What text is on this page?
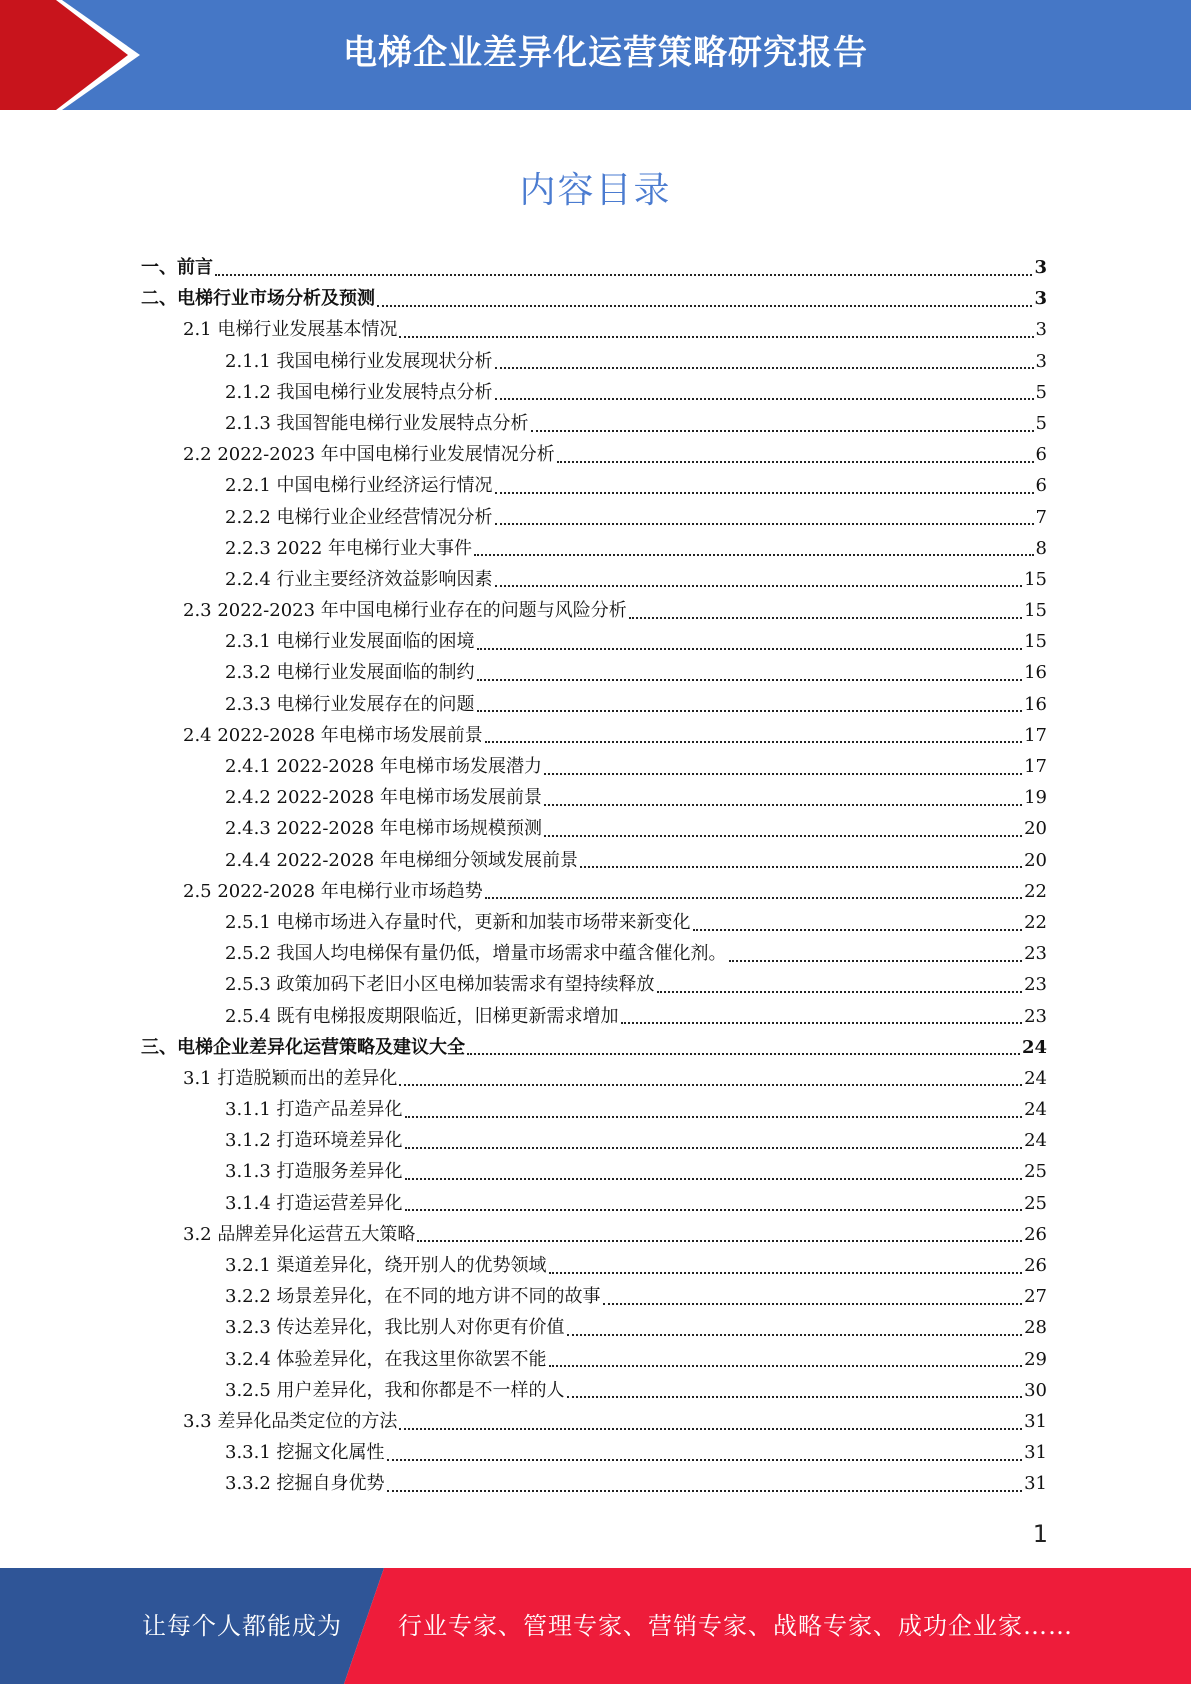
电梯企业差异化运营策略研究报告
内容目录
一、前言	3
二、电梯行业市场分析及预测	3
2.1 电梯行业发展基本情况	3
2.1.1 我国电梯行业发展现状分析	3
2.1.2 我国电梯行业发展特点分析	5
2.1.3 我国智能电梯行业发展特点分析	5
2.2 2022-2023 年中国电梯行业发展情况分析	6
2.2.1 中国电梯行业经济运行情况	6
2.2.2 电梯行业企业经营情况分析	7
2.2.3 2022 年电梯行业大事件	8
2.2.4 行业主要经济效益影响因素	15
2.3 2022-2023 年中国电梯行业存在的问题与风险分析	15
2.3.1 电梯行业发展面临的困境	15
2.3.2 电梯行业发展面临的制约	16
2.3.3 电梯行业发展存在的问题	16
2.4 2022-2028 年电梯市场发展前景	17
2.4.1 2022-2028 年电梯市场发展潜力	17
2.4.2 2022-2028 年电梯市场发展前景	19
2.4.3 2022-2028 年电梯市场规模预测	20
2.4.4 2022-2028 年电梯细分领域发展前景	20
2.5 2022-2028 年电梯行业市场趋势	22
2.5.1 电梯市场进入存量时代，更新和加装市场带来新变化	22
2.5.2 我国人均电梯保有量仍低，增量市场需求中蕴含催化剂。	23
2.5.3 政策加码下老旧小区电梯加装需求有望持续释放	23
2.5.4 既有电梯报废期限临近，旧梯更新需求增加	23
三、电梯企业差异化运营策略及建议大全	24
3.1 打造脱颖而出的差异化	24
3.1.1 打造产品差异化	24
3.1.2 打造环境差异化	24
3.1.3 打造服务差异化	25
3.1.4 打造运营差异化	25
3.2 品牌差异化运营五大策略	26
3.2.1 渠道差异化，绕开别人的优势领域	26
3.2.2 场景差异化，在不同的地方讲不同的故事	27
3.2.3 传达差异化，我比别人对你更有价值	28
3.2.4 体验差异化，在我这里你欲罢不能	29
3.2.5 用户差异化，我和你都是不一样的人	30
3.3 差异化品类定位的方法	31
3.3.1 挖掘文化属性	31
3.3.2 挖掘自身优势	31
1
让每个人都能成为 行业专家、管理专家、营销专家、战略专家、成功企业家……
